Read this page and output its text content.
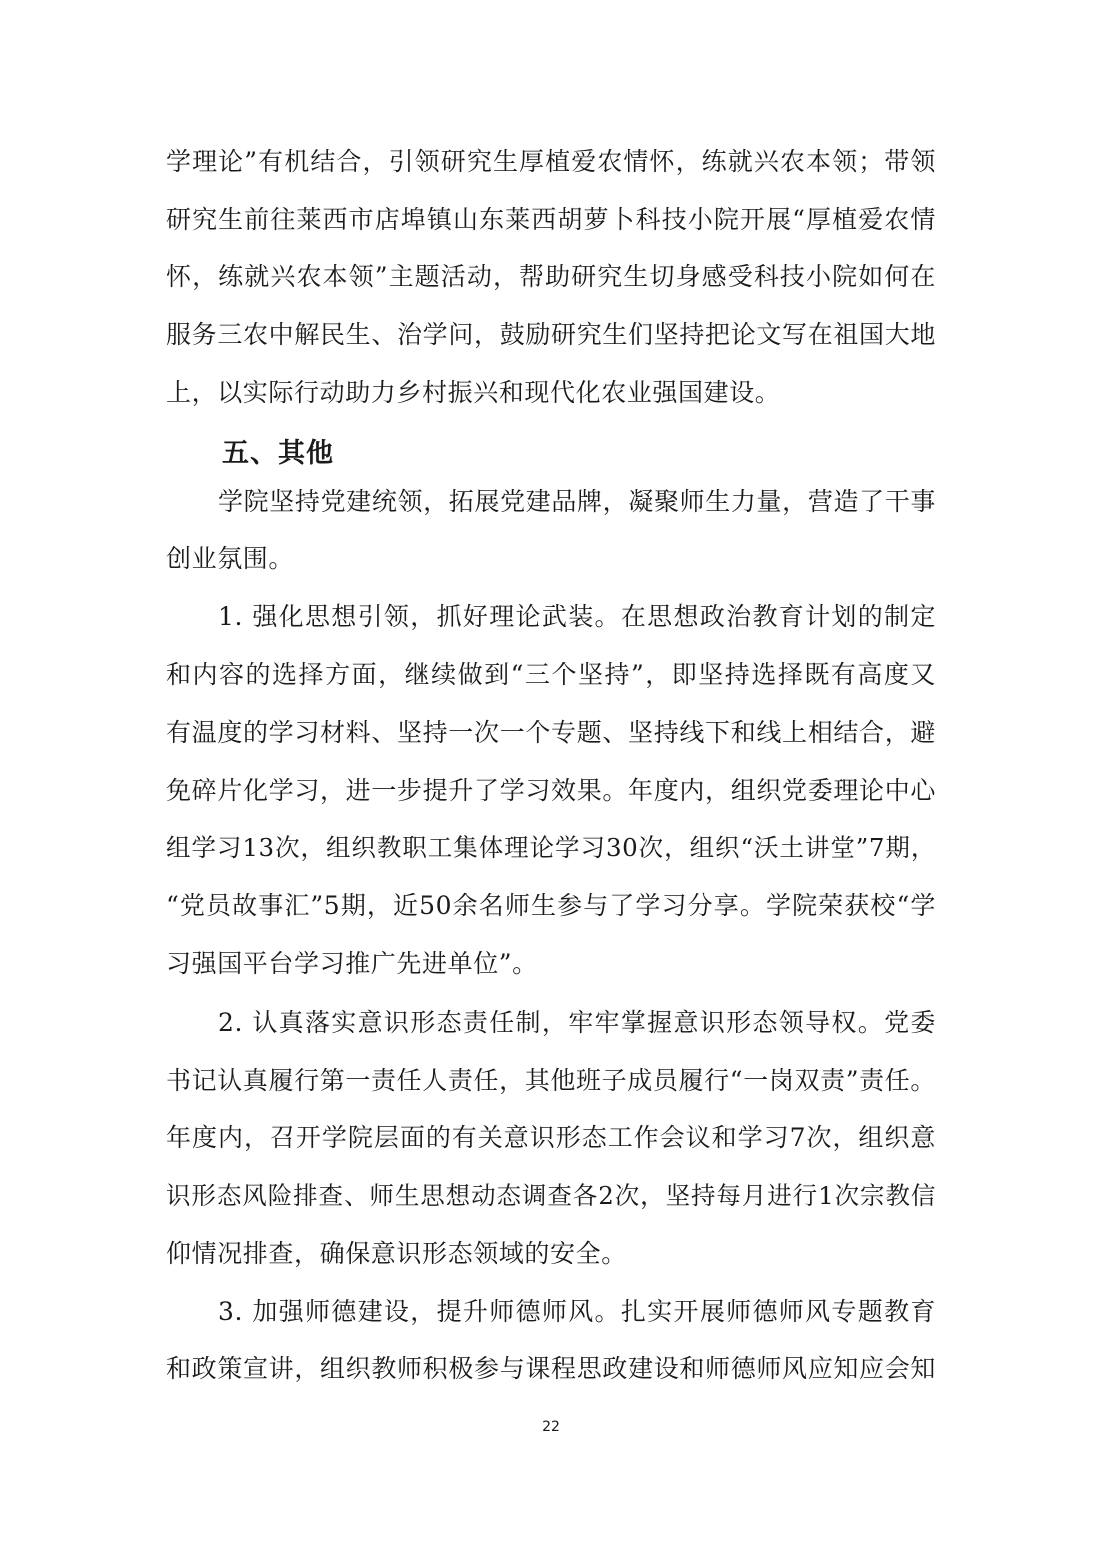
学理论”有机结合，引领研究生厚植爱农情怀，练就兴农本领；带领
研究生前往莱西市店埠镇山东莱西胡萝卜科技小院开展“厚植爱农情
怀，练就兴农本领”主题活动，帮助研究生切身感受科技小院如何在
服务三农中解民生、治学问，鼓励研究生们坚持把论文写在祖国大地
上，以实际行动助力乡村振兴和现代化农业强国建设。
五、其他
学院坚持党建统领，拓展党建品牌，凝聚师生力量，营造了干事
创业氛围。
1. 强化思想引领，抓好理论武装。在思想政治教育计划的制定
和内容的选择方面，继续做到“三个坚持”，即坚持选择既有高度又
有温度的学习材料、坚持一次一个专题、坚持线下和线上相结合，避
免碎片化学习，进一步提升了学习效果。年度内，组织党委理论中心
组学习13次，组织教职工集体理论学习30次，组织“沃土讲堂”7期，
“党员故事汇”5期，近50余名师生参与了学习分享。学院荣获校“学
习强国平台学习推广先进单位”。
2. 认真落实意识形态责任制，牢牢掌握意识形态领导权。党委
书记认真履行第一责任人责任，其他班子成员履行“一岗双责”责任。
年度内，召开学院层面的有关意识形态工作会议和学习7次，组织意
识形态风险排查、师生思想动态调查各2次，坚持每月进行1次宗教信
仰情况排查，确保意识形态领域的安全。
3. 加强师德建设，提升师德师风。扎实开展师德师风专题教育
和政策宣讲，组织教师积极参与课程思政建设和师德师风应知应会知
22
